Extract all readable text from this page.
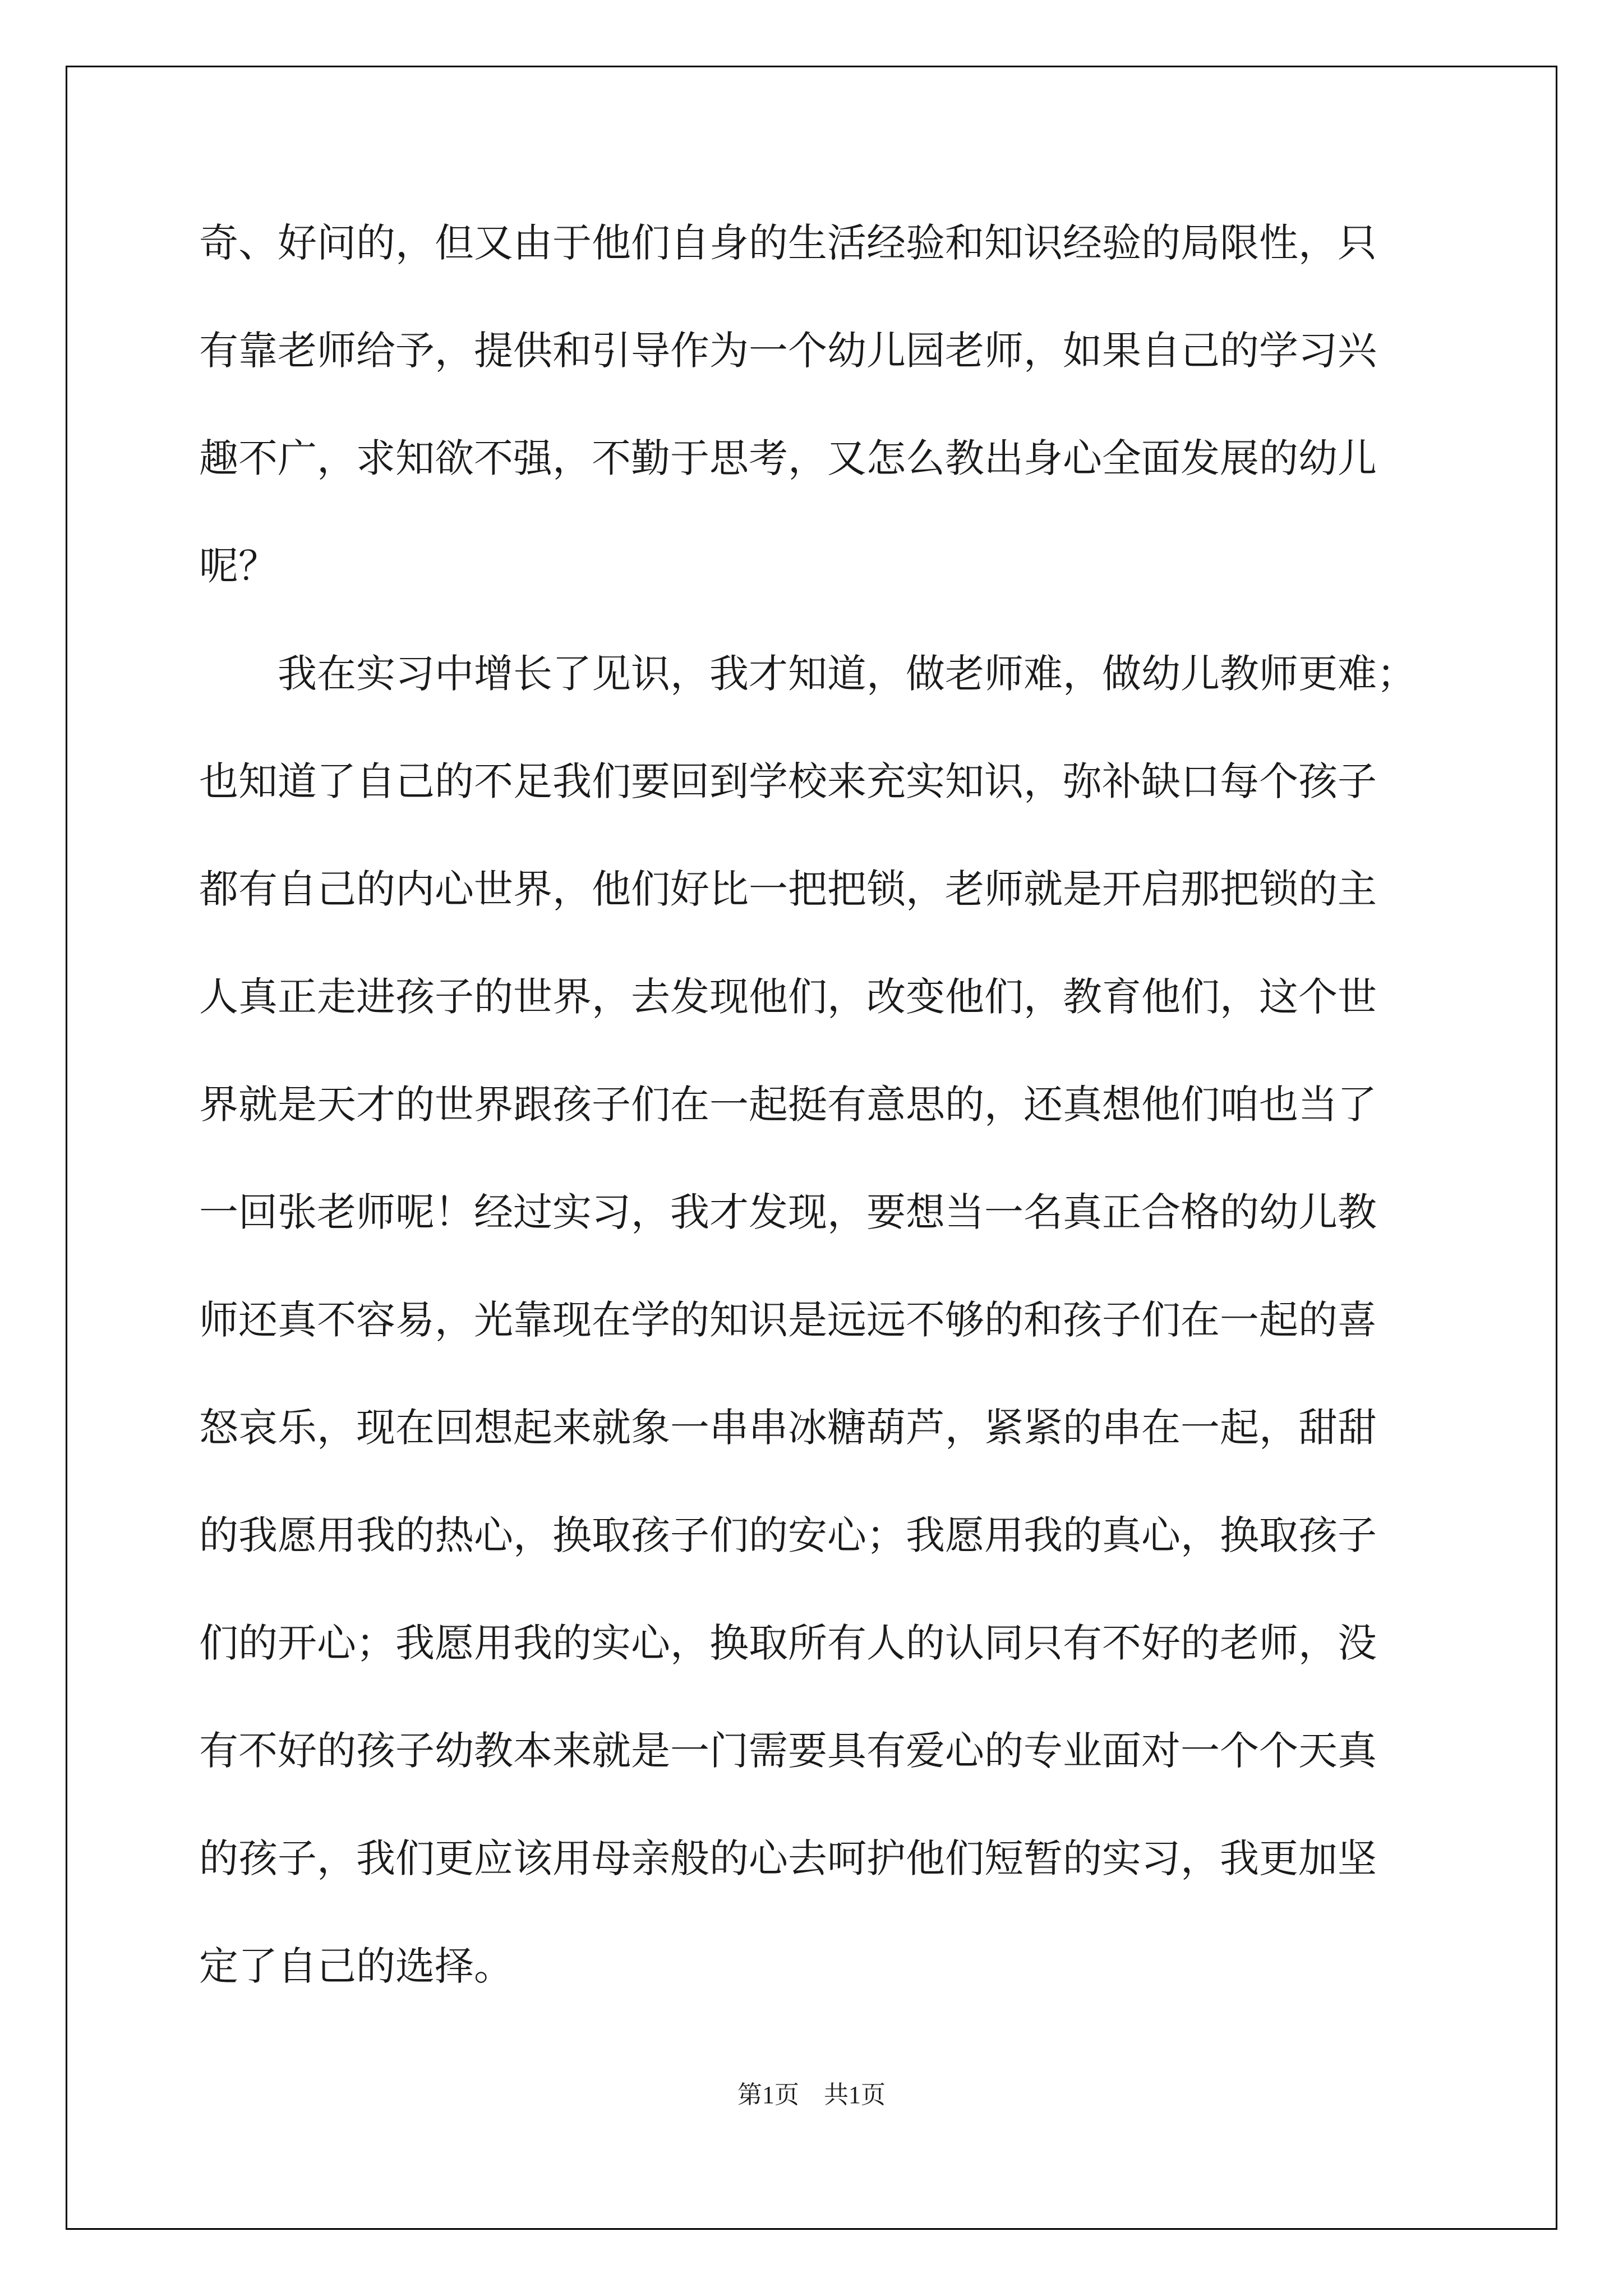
奇、好问的，但又由于他们自身的生活经验和知识经验的局限性，只

有靠老师给予，提供和引导作为一个幼儿园老师，如果自己的学习兴

趣不广，求知欲不强，不勤于思考，又怎么教出身心全面发展的幼儿

呢？

我在实习中增长了见识，我才知道，做老师难，做幼儿教师更难；

也知道了自己的不足我们要回到学校来充实知识，弥补缺口每个孩子

都有自己的内心世界，他们好比一把把锁，老师就是开启那把锁的主

人真正走进孩子的世界，去发现他们，改变他们，教育他们，这个世

界就是天才的世界跟孩子们在一起挺有意思的，还真想他们咱也当了

一回张老师呢！经过实习，我才发现，要想当一名真正合格的幼儿教

师还真不容易，光靠现在学的知识是远远不够的和孩子们在一起的喜

怒哀乐，现在回想起来就象一串串冰糖葫芦，紧紧的串在一起，甜甜

的我愿用我的热心，换取孩子们的安心；我愿用我的真心，换取孩子

们的开心；我愿用我的实心，换取所有人的认同只有不好的老师，没

有不好的孩子幼教本来就是一门需要具有爱心的专业面对一个个天真

的孩子，我们更应该用母亲般的心去呵护他们短暂的实习，我更加坚

定了自己的选择。

第1页　共1页
